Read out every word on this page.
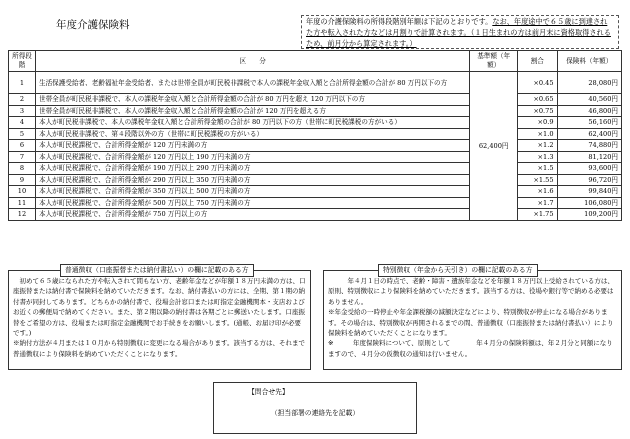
年度介護保険料	年度の介護保険料の所得段階別年額は下記のとおりです。なお、年度途中で６５歳に到達された方や転入された方などは月割りで計算されます。（１日生まれの方は前月末に資格取得されるため、前月分から算定されます。）
所得段階	区　　分	基準額（年額）	割合	保険料（年額）
1	生活保護受給者、老齢福祉年金受給者、または世帯全員が町民税非課税で本人の課税年金収入額と合計所得金額の合計が 80 万円以下の方	62,400円	×0.45	28,080円
2	世帯全員が町民税非課税で、本人の課税年金収入額と合計所得金額の合計が 80 万円を超え 120 万円以下の方		×0.65	40,560円
3	世帯全員が町民税非課税で、本人の課税年金収入額と合計所得金額の合計が 120 万円を超える方		×0.75	46,800円
4	本人が町民税非課税で、本人の課税年金収入額と合計所得金額の合計が 80 万円以下の方（世帯に町民税課税の方がいる）		×0.9	56,160円
5	本人が町民税非課税で、第４段階以外の方（世帯に町民税課税の方がいる）		×1.0	62,400円
6	本人が町民税課税で、合計所得金額が 120 万円未満の方		×1.2	74,880円
7	本人が町民税課税で、合計所得金額が 120 万円以上 190 万円未満の方		×1.3	81,120円
8	本人が町民税課税で、合計所得金額が 190 万円以上 290 万円未満の方		×1.5	93,600円
9	本人が町民税課税で、合計所得金額が 290 万円以上 350 万円未満の方		×1.55	96,720円
10	本人が町民税課税で、合計所得金額が 350 万円以上 500 万円未満の方		×1.6	99,840円
11	本人が町民税課税で、合計所得金額が 500 万円以上 750 万円未満の方		×1.7	106,080円
12	本人が町民税課税で、合計所得金額が 750 万円以上の方		×1.75	109,200円
初めて６５歳になられた方や転入されて間もない方、老齢年金などが年額１８万円未満の方は、口座振替または納付書で保険料を納めていただきます。なお、納付書払いの方には、全期、第１期の納付書が同封してあります。どちらかの納付書で、役場会計窓口または町指定金融機関本・支店およびお近くの郵便局で納めてください。また、第２期以降の納付書は各期ごとに郵送いたします。口座振替をご希望の方は、役場または町指定金融機関でお手続きをお願いします。(通帳、お届け印が必要です。)
※納付方法が４月または１０月から特別徴収に変更になる場合があります。該当する方は、それまで普通徴収により保険料を納めていただくことになります。
普通徴収（口座振替または納付書払い）の欄に記載のある方
年４月１日の時点で、老齢・障害・遺族年金などを年額１８万円以上受給されている方は、原則、特別徴収により保険料を納めていただきます。該当する方は、役場や銀行等で納める必要はありません。
※年金受給の一時停止や年金課税額の減額決定などにより、特別徴収が停止になる場合があります。その場合は、特別徴収が再開されるまでの間、普通徴収（口座振替または納付書払い）により保険料を納めていただくことになります。
※	年度保険料について、原則として　　　　年４月分の保険料額は、年２月分と同額になりますので、４月分の仮徴収の通知は行いません。
特別徴収（年金から天引き）の欄に記載のある方
【問合せ先】
（担当部署の連絡先を記載）
